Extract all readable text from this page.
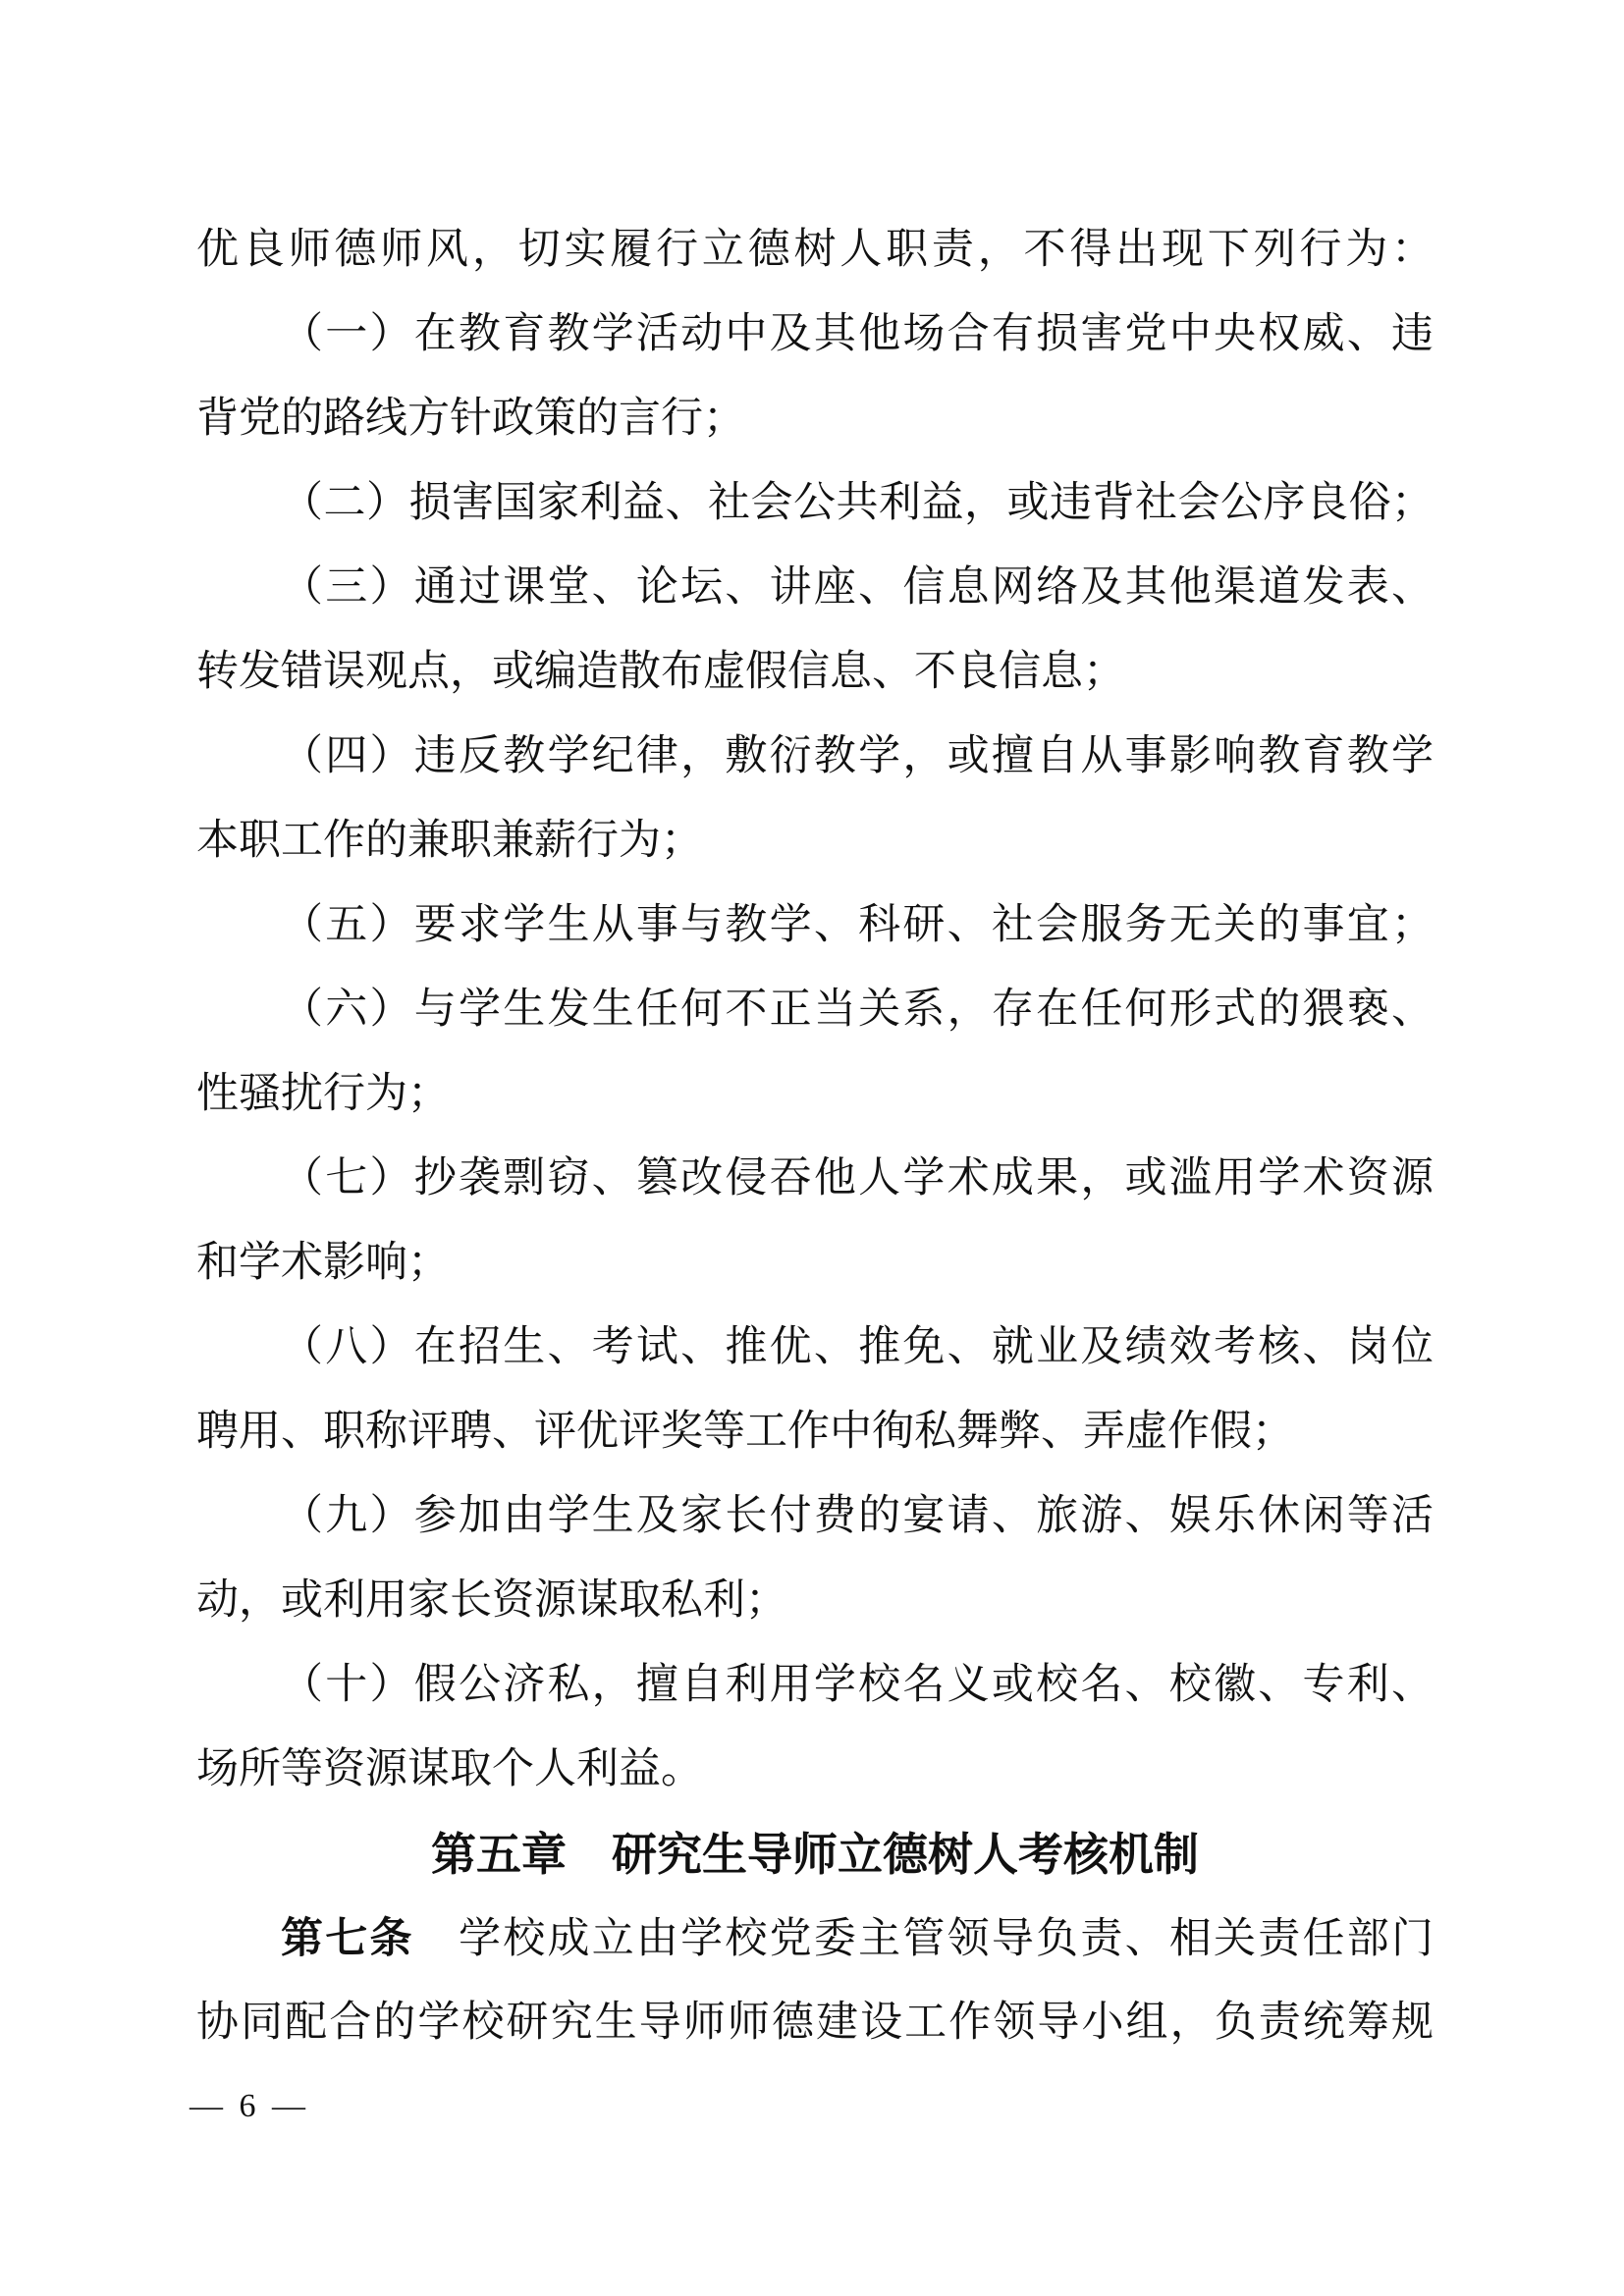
优良师德师风，切实履行立德树人职责，不得出现下列行为：
（一）在教育教学活动中及其他场合有损害党中央权威、违
背党的路线方针政策的言行；
（二）损害国家利益、社会公共利益，或违背社会公序良俗；
（三）通过课堂、论坛、讲座、信息网络及其他渠道发表、
转发错误观点，或编造散布虚假信息、不良信息；
（四）违反教学纪律，敷衍教学，或擅自从事影响教育教学
本职工作的兼职兼薪行为；
（五）要求学生从事与教学、科研、社会服务无关的事宜；
（六）与学生发生任何不正当关系，存在任何形式的猥亵、
性骚扰行为；
（七）抄袭剽窃、篡改侵吞他人学术成果，或滥用学术资源
和学术影响；
（八）在招生、考试、推优、推免、就业及绩效考核、岗位
聘用、职称评聘、评优评奖等工作中徇私舞弊、弄虚作假；
（九）参加由学生及家长付费的宴请、旅游、娱乐休闲等活
动，或利用家长资源谋取私利；
（十）假公济私，擅自利用学校名义或校名、校徽、专利、
场所等资源谋取个人利益。
第五章　研究生导师立德树人考核机制
第七条　学校成立由学校党委主管领导负责、相关责任部门
协同配合的学校研究生导师师德建设工作领导小组，负责统筹规
— 6 —
